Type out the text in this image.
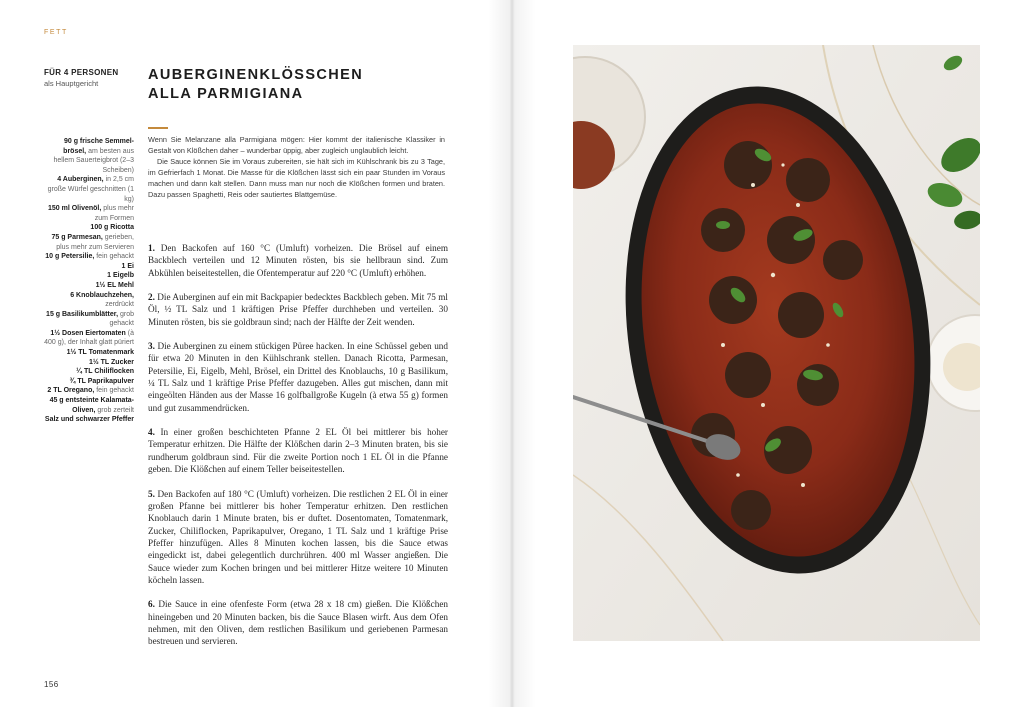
FETT
FÜR 4 PERSONEN
als Hauptgericht
AUBERGINENKLÖSSCHEN
ALLA PARMIGIANA

90 g frische Semmel-brösel, am besten aus hellem Sauerteigbrot (2–3 Scheiben)

4 Auberginen, in 2,5 cm große Würfel geschnitten (1 kg)

150 ml Olivenöl, plus mehr zum Formen

100 g Ricotta

75 g Parmesan, gerieben, plus mehr zum Servieren

10 g Petersilie, fein gehackt

1 Ei

1 Eigelb

1½ EL Mehl

6 Knoblauchzehen, zerdrückt

15 g Basilikumblätter, grob gehackt

1½ Dosen Eiertomaten (à 400 g), der Inhalt glatt püriert

1½ TL Tomatenmark

1½ TL Zucker

¼ TL Chiliflocken

¾ TL Paprikapulver

2 TL Oregano, fein gehackt

45 g entsteinte Kalamata-Oliven, grob zerteilt

Salz und schwarzer Pfeffer

Wenn Sie Melanzane alla Parmigiana mögen: Hier kommt der italienische Klassiker in Gestalt von Klößchen daher – wunderbar üppig, aber zugleich unglaublich leicht.

Die Sauce können Sie im Voraus zubereiten, sie hält sich im Kühlschrank bis zu 3 Tage, im Gefrierfach 1 Monat. Die Masse für die Klößchen lässt sich ein paar Stunden im Voraus machen und dann kalt stellen. Dann muss man nur noch die Klößchen formen und braten. Dazu passen Spaghetti, Reis oder sautiertes Blattgemüse.

1. Den Backofen auf 160 °C (Umluft) vorheizen. Die Brösel auf einem Backblech verteilen und 12 Minuten rösten, bis sie hellbraun sind. Zum Abkühlen beiseitestellen, die Ofentemperatur auf 220 °C (Umluft) erhöhen.

2. Die Auberginen auf ein mit Backpapier bedecktes Backblech geben. Mit 75 ml Öl, ½ TL Salz und 1 kräftigen Prise Pfeffer durchheben und verteilen. 30 Minuten rösten, bis sie goldbraun sind; nach der Hälfte der Zeit wenden.

3. Die Auberginen zu einem stückigen Püree hacken. In eine Schüssel geben und für etwa 20 Minuten in den Kühlschrank stellen. Danach Ricotta, Parmesan, Petersilie, Ei, Eigelb, Mehl, Brösel, ein Drittel des Knoblauchs, 10 g Basilikum, ¼ TL Salz und 1 kräftige Prise Pfeffer dazugeben. Alles gut mischen, dann mit eingeölten Händen aus der Masse 16 golfballgroße Kugeln (à etwa 55 g) formen und gut zusammendrücken.

4. In einer großen beschichteten Pfanne 2 EL Öl bei mittlerer bis hoher Temperatur erhitzen. Die Hälfte der Klößchen darin 2–3 Minuten braten, bis sie rundherum goldbraun sind. Für die zweite Portion noch 1 EL Öl in die Pfanne geben. Die Klößchen auf einem Teller beiseitestellen.

5. Den Backofen auf 180 °C (Umluft) vorheizen. Die restlichen 2 EL Öl in einer großen Pfanne bei mittlerer bis hoher Temperatur erhitzen. Den restlichen Knoblauch darin 1 Minute braten, bis er duftet. Dosentomaten, Tomatenmark, Zucker, Chiliflocken, Paprikapulver, Oregano, 1 TL Salz und 1 kräftige Prise Pfeffer hinzufügen. Alles 8 Minuten kochen lassen, bis die Sauce etwas eingedickt ist, dabei gelegentlich durchrühren. 400 ml Wasser angießen. Die Sauce wieder zum Kochen bringen und bei mittlerer Hitze weitere 10 Minuten köcheln lassen.

6. Die Sauce in eine ofenfeste Form (etwa 28 x 18 cm) gießen. Die Klößchen hineingeben und 20 Minuten backen, bis die Sauce Blasen wirft. Aus dem Ofen nehmen, mit den Oliven, dem restlichen Basilikum und geriebenen Parmesan bestreuen und servieren.

156
